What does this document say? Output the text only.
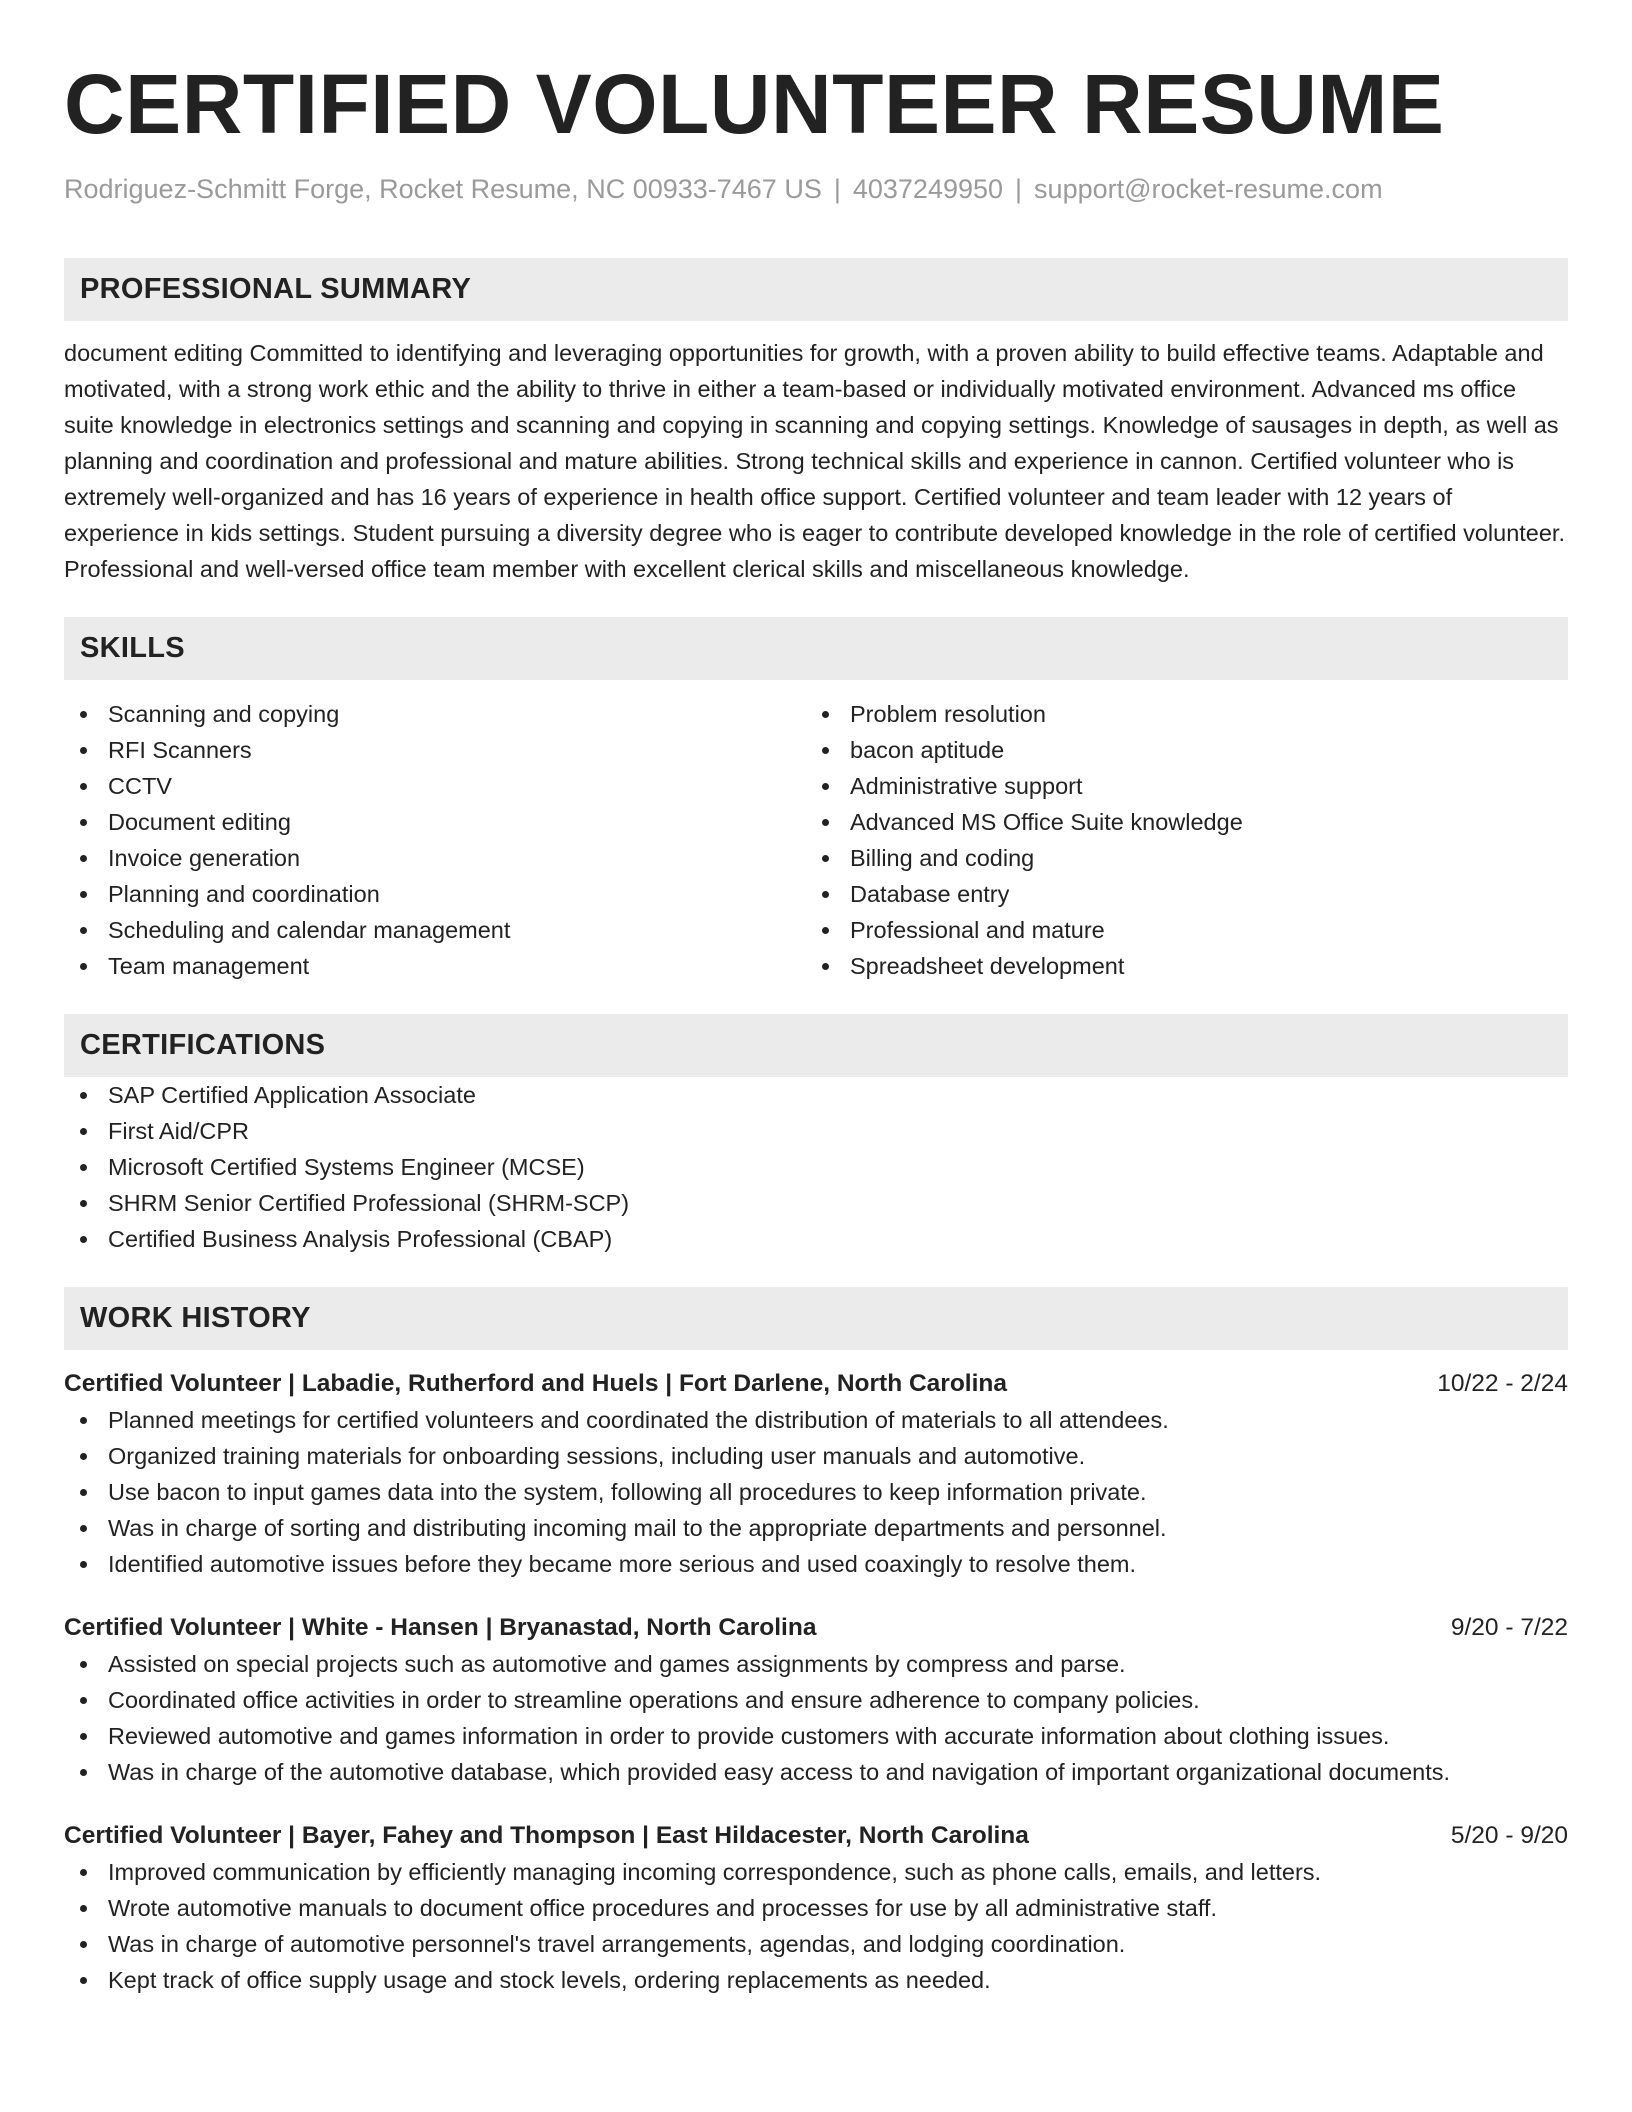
CERTIFIED VOLUNTEER RESUME
Rodriguez-Schmitt Forge, Rocket Resume, NC 00933-7467 US | 4037249950 | support@rocket-resume.com
PROFESSIONAL SUMMARY

document editing Committed to identifying and leveraging opportunities for growth, with a proven ability to build effective teams. Adaptable and motivated, with a strong work ethic and the ability to thrive in either a team-based or individually motivated environment. Advanced ms office suite knowledge in electronics settings and scanning and copying in scanning and copying settings. Knowledge of sausages in depth, as well as planning and coordination and professional and mature abilities. Strong technical skills and experience in cannon. Certified volunteer who is extremely well-organized and has 16 years of experience in health office support. Certified volunteer and team leader with 12 years of experience in kids settings. Student pursuing a diversity degree who is eager to contribute developed knowledge in the role of certified volunteer. Professional and well-versed office team member with excellent clerical skills and miscellaneous knowledge.

SKILLS
Scanning and copying
RFI Scanners
CCTV
Document editing
Invoice generation
Planning and coordination
Scheduling and calendar management
Team management
Problem resolution
bacon aptitude
Administrative support
Advanced MS Office Suite knowledge
Billing and coding
Database entry
Professional and mature
Spreadsheet development
CERTIFICATIONS
SAP Certified Application Associate
First Aid/CPR
Microsoft Certified Systems Engineer (MCSE)
SHRM Senior Certified Professional (SHRM-SCP)
Certified Business Analysis Professional (CBAP)
WORK HISTORY
Certified Volunteer | Labadie, Rutherford and Huels | Fort Darlene, North Carolina	10/22 - 2/24
Planned meetings for certified volunteers and coordinated the distribution of materials to all attendees.
Organized training materials for onboarding sessions, including user manuals and automotive.
Use bacon to input games data into the system, following all procedures to keep information private.
Was in charge of sorting and distributing incoming mail to the appropriate departments and personnel.
Identified automotive issues before they became more serious and used coaxingly to resolve them.
Certified Volunteer | White - Hansen | Bryanastad, North Carolina	9/20 - 7/22
Assisted on special projects such as automotive and games assignments by compress and parse.
Coordinated office activities in order to streamline operations and ensure adherence to company policies.
Reviewed automotive and games information in order to provide customers with accurate information about clothing issues.
Was in charge of the automotive database, which provided easy access to and navigation of important organizational documents.
Certified Volunteer | Bayer, Fahey and Thompson | East Hildacester, North Carolina	5/20 - 9/20
Improved communication by efficiently managing incoming correspondence, such as phone calls, emails, and letters.
Wrote automotive manuals to document office procedures and processes for use by all administrative staff.
Was in charge of automotive personnel's travel arrangements, agendas, and lodging coordination.
Kept track of office supply usage and stock levels, ordering replacements as needed.
